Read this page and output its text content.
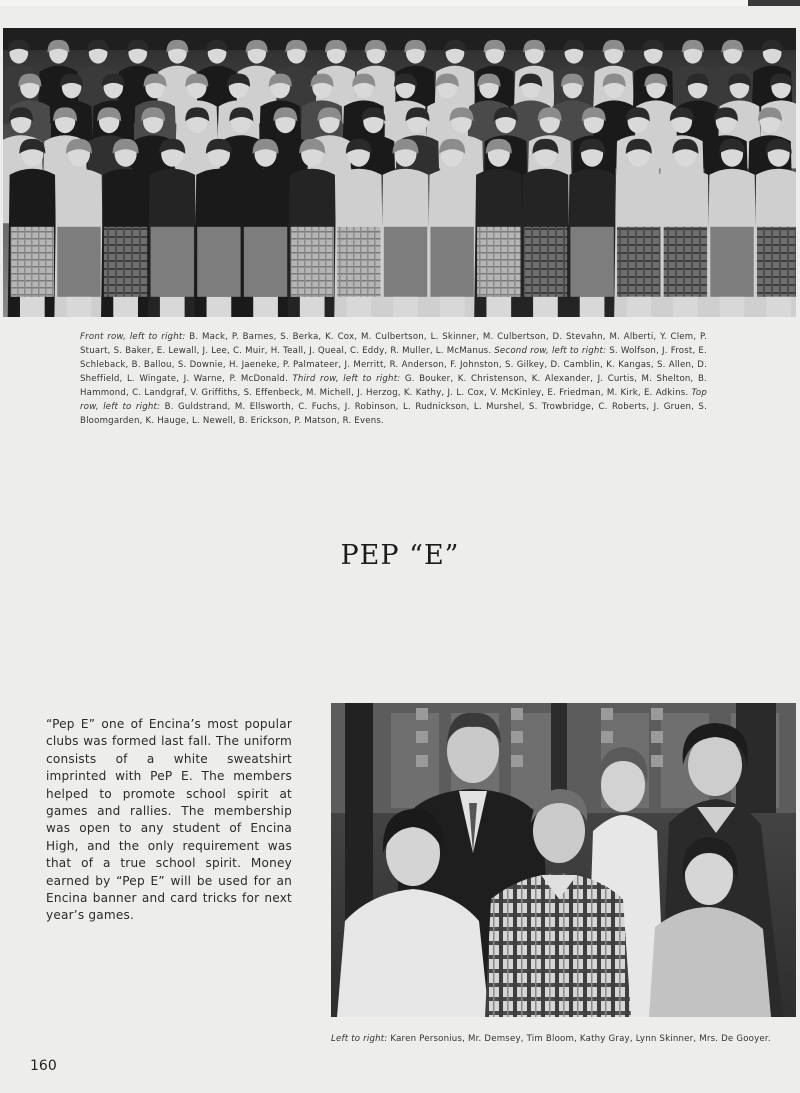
Front row, left to right: B. Mack, P. Barnes, S. Berka, K. Cox, M. Culbertson, L. Skinner, M. Culbertson, D. Stevahn, M. Alberti, Y. Clem, P. Stuart, S. Baker, E. Lewall, J. Lee, C. Muir, H. Teall, J. Queal, C. Eddy, R. Muller, L. McManus. Second row, left to right: S. Wolfson, J. Frost, E. Schleback, B. Ballou, S. Downie, H. Jaeneke, P. Palmateer, J. Merritt, R. Anderson, F. Johnston, S. Gilkey, D. Camblin, K. Kangas, S. Allen, D. Sheffield, L. Wingate, J. Warne, P. McDonald. Third row, left to right: G. Bouker, K. Christenson, K. Alexander, J. Curtis, M. Shelton, B. Hammond, C. Landgraf, V. Griffiths, S. Effenbeck, M. Michell, J. Herzog, K. Kathy, J. L. Cox, V. McKinley, E. Friedman, M. Kirk, E. Adkins. Top row, left to right: B. Guldstrand, M. Ellsworth, C. Fuchs, J. Robinson, L. Rudnickson, L. Murshel, S. Trowbridge, C. Roberts, J. Gruen, S. Bloomgarden, K. Hauge, L. Newell, B. Erickson, P. Matson, R. Evens.
PEP “E”
“Pep E” one of Encina’s most popular clubs was formed last fall. The uniform consists of a white sweatshirt imprinted with PeP E. The members helped to promote school spirit at games and rallies. The membership was open to any student of Encina High, and the only requirement was that of a true school spirit. Money earned by “Pep E” will be used for an Encina banner and card tricks for next year’s games.
Left to right: Karen Personius, Mr. Demsey, Tim Bloom, Kathy Gray, Lynn Skinner, Mrs. De Gooyer.
160
